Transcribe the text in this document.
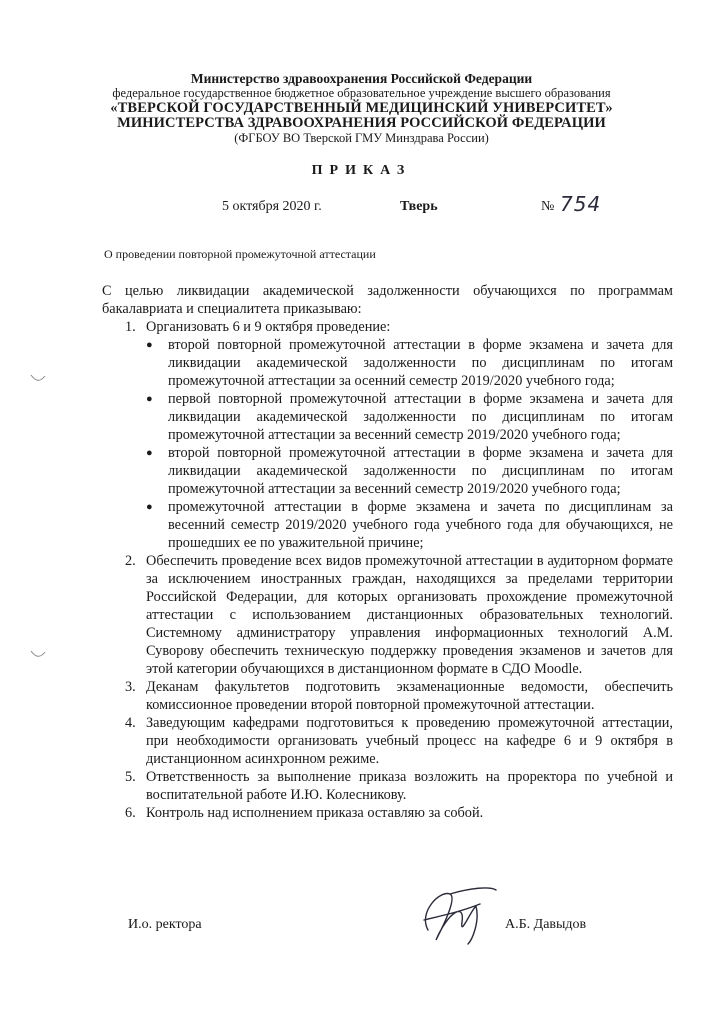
Министерство здравоохранения Российской Федерации
федеральное государственное бюджетное образовательное учреждение высшего образования
«ТВЕРСКОЙ ГОСУДАРСТВЕННЫЙ МЕДИЦИНСКИЙ УНИВЕРСИТЕТ»
МИНИСТЕРСТВА ЗДРАВООХРАНЕНИЯ РОССИЙСКОЙ ФЕДЕРАЦИИ
(ФГБОУ ВО Тверской ГМУ Минздрава России)
ПРИКАЗ
5 октября 2020 г.	Тверь	№ 754
О проведении повторной промежуточной аттестации

С целью ликвидации академической задолженности обучающихся по программам бакалавриата и специалитета приказываю:

1. Организовать 6 и 9 октября проведение:
● второй повторной промежуточной аттестации в форме экзамена и зачета для ликвидации академической задолженности по дисциплинам по итогам промежуточной аттестации за осенний семестр 2019/2020 учебного года;
● первой повторной промежуточной аттестации в форме экзамена и зачета для ликвидации академической задолженности по дисциплинам по итогам промежуточной аттестации за весенний семестр 2019/2020 учебного года;
● второй повторной промежуточной аттестации в форме экзамена и зачета для ликвидации академической задолженности по дисциплинам по итогам промежуточной аттестации за весенний семестр 2019/2020 учебного года;
● промежуточной аттестации в форме экзамена и зачета по дисциплинам за весенний семестр 2019/2020 учебного года учебного года для обучающихся, не прошедших ее по уважительной причине;
2. Обеспечить проведение всех видов промежуточной аттестации в аудиторном формате за исключением иностранных граждан, находящихся за пределами территории Российской Федерации, для которых организовать прохождение промежуточной аттестации с использованием дистанционных образовательных технологий. Системному администратору управления информационных технологий А.М. Суворову обеспечить техническую поддержку проведения экзаменов и зачетов для этой категории обучающихся в дистанционном формате в СДО Moodle.
3. Деканам факультетов подготовить экзаменационные ведомости, обеспечить комиссионное проведении второй повторной промежуточной аттестации.
4. Заведующим кафедрами подготовиться к проведению промежуточной аттестации, при необходимости организовать учебный процесс на кафедре 6 и 9 октября в дистанционном асинхронном режиме.
5. Ответственность за выполнение приказа возложить на проректора по учебной и воспитательной работе И.Ю. Колесникову.
6. Контроль над исполнением приказа оставляю за собой.
И.о. ректора	А.Б. Давыдов
